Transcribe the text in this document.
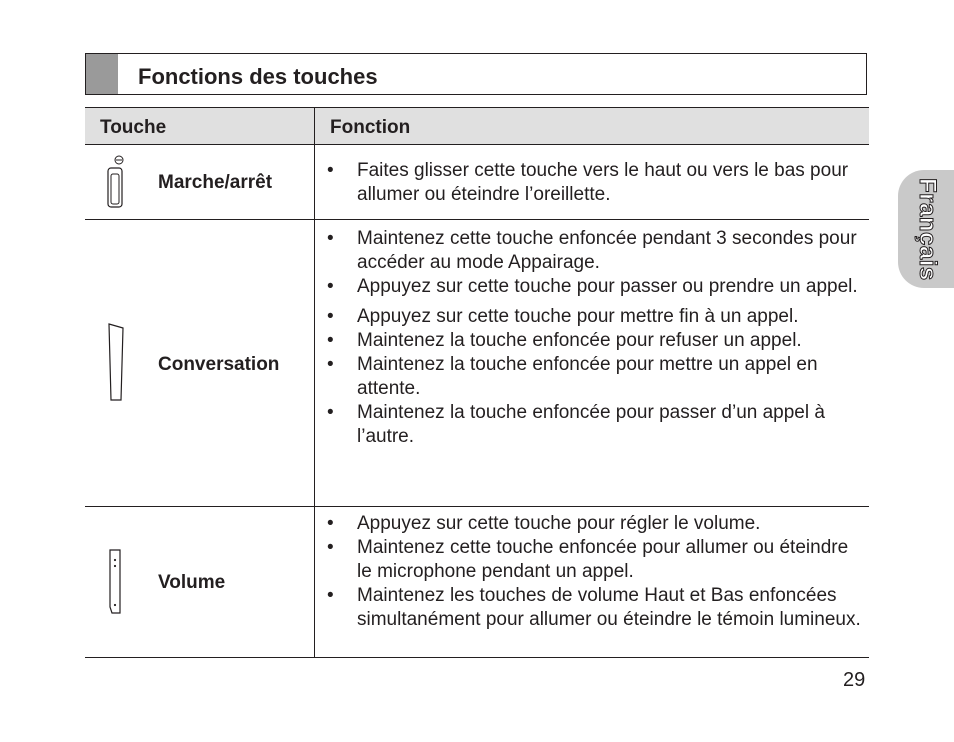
Fonctions des touches
Touche	Fonction
Marche/arrêt
• Faites glisser cette touche vers le haut ou vers le bas pour allumer ou éteindre l’oreillette.
Conversation
• Maintenez cette touche enfoncée pendant 3 secondes pour accéder au mode Appairage.
• Appuyez sur cette touche pour passer ou prendre un appel.
• Appuyez sur cette touche pour mettre fin à un appel.
• Maintenez la touche enfoncée pour refuser un appel.
• Maintenez la touche enfoncée pour mettre un appel en attente.
• Maintenez la touche enfoncée pour passer d’un appel à l’autre.
Volume
• Appuyez sur cette touche pour régler le volume.
• Maintenez cette touche enfoncée pour allumer ou éteindre le microphone pendant un appel.
• Maintenez les touches de volume Haut et Bas enfoncées simultanément pour allumer ou éteindre le témoin lumineux.
Français
29
